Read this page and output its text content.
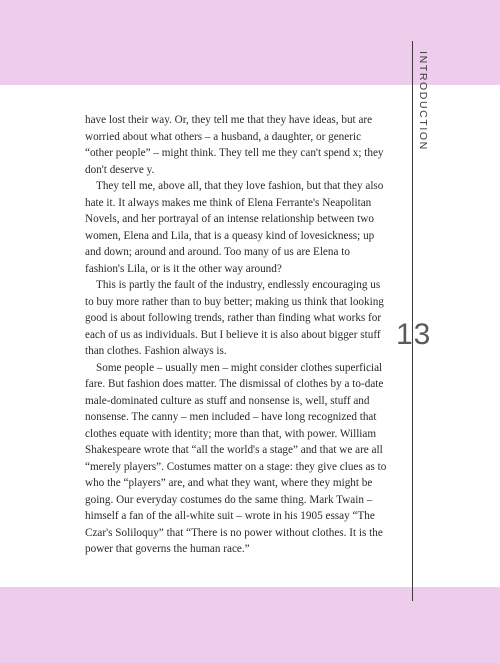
INTRODUCTION
13

have lost their way. Or, they tell me that they have ideas, but are worried about what others – a husband, a daughter, or generic “other people” – might think. They tell me they can't spend x; they don't deserve y.

They tell me, above all, that they love fashion, but that they also hate it. It always makes me think of Elena Ferrante's Neapolitan Novels, and her portrayal of an intense relationship between two women, Elena and Lila, that is a queasy kind of lovesickness; up and down; around and around. Too many of us are Elena to fashion's Lila, or is it the other way around?

This is partly the fault of the industry, endlessly encouraging us to buy more rather than to buy better; making us think that looking good is about following trends, rather than finding what works for each of us as individuals. But I believe it is also about bigger stuff than clothes. Fashion always is.

Some people – usually men – might consider clothes superficial fare. But fashion does matter. The dismissal of clothes by a to-date male-dominated culture as stuff and nonsense is, well, stuff and nonsense. The canny – men included – have long recognized that clothes equate with identity; more than that, with power. William Shakespeare wrote that “all the world's a stage” and that we are all “merely players”. Costumes matter on a stage: they give clues as to who the “players” are, and what they want, where they might be going. Our everyday costumes do the same thing. Mark Twain – himself a fan of the all-white suit – wrote in his 1905 essay “The Czar's Soliloquy” that “There is no power without clothes. It is the power that governs the human race.”
